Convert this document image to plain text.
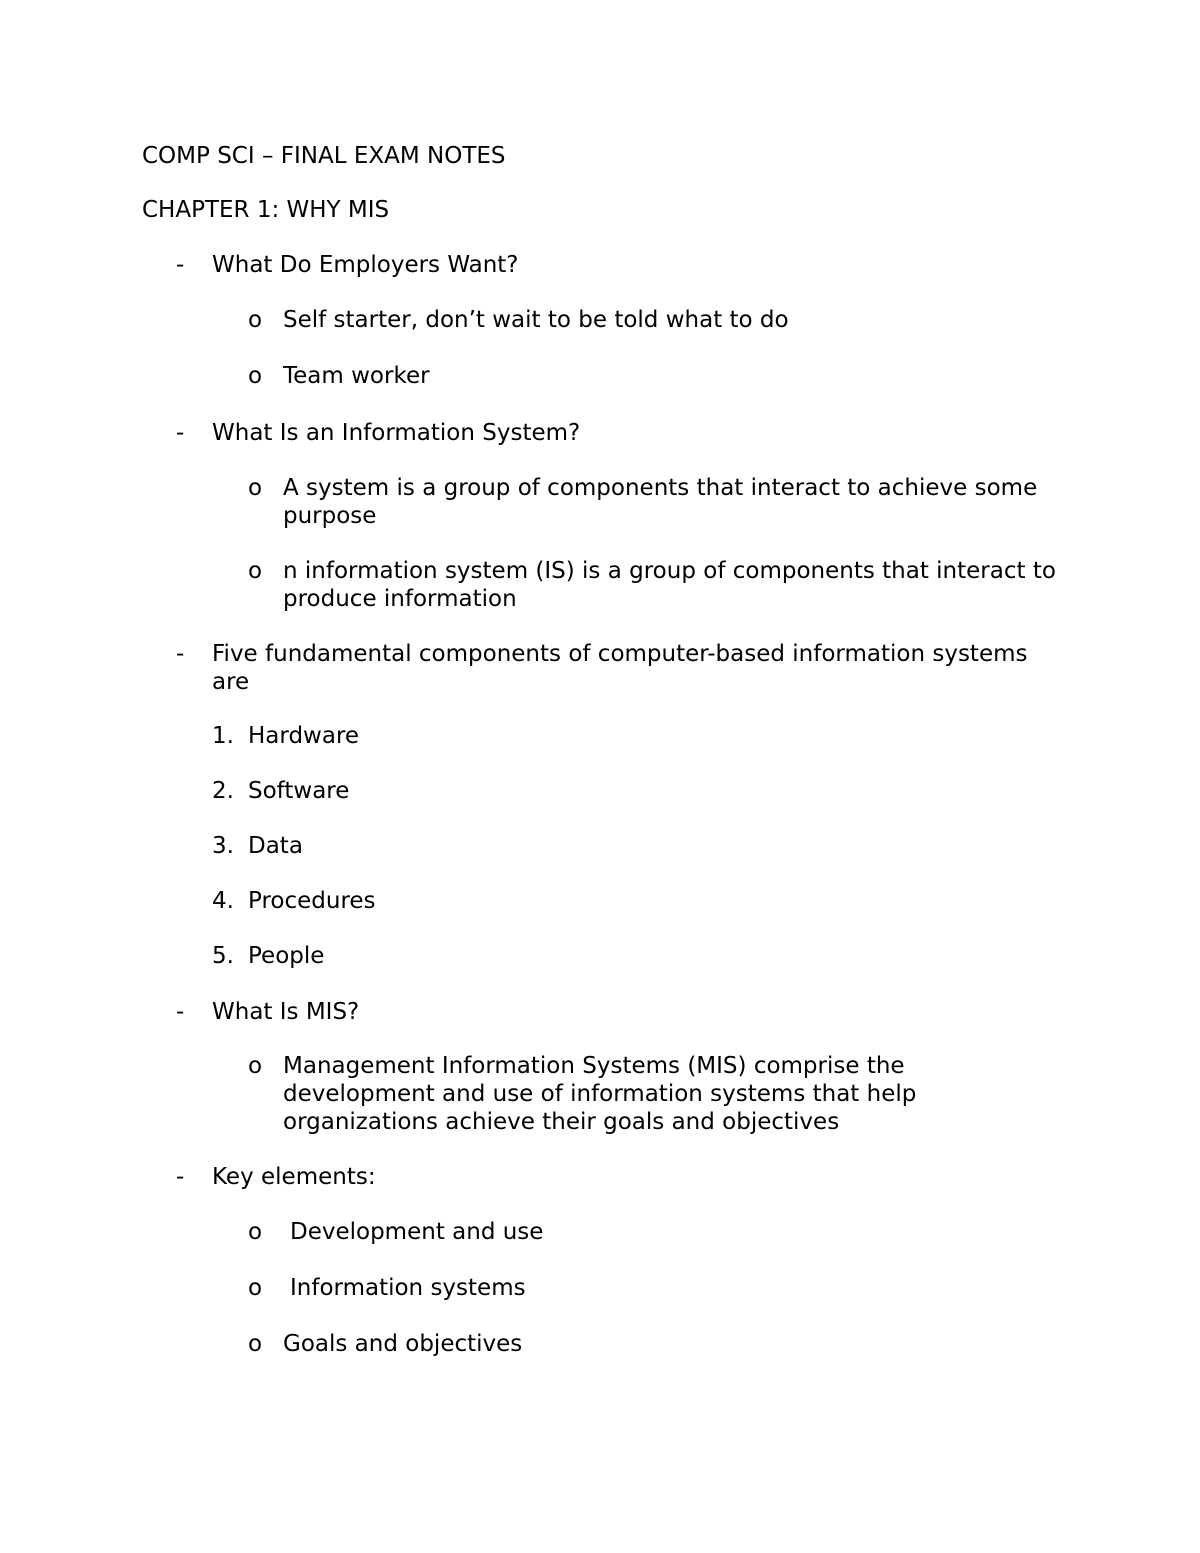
COMP SCI – FINAL EXAM NOTES
CHAPTER 1: WHY MIS
- What Do Employers Want?
o Self starter, don’t wait to be told what to do
o Team worker
- What Is an Information System?
o A system is a group of components that interact to achieve some purpose
o n information system (IS) is a group of components that interact to produce information
- Five fundamental components of computer-based information systems are
1. Hardware
2. Software
3. Data
4. Procedures
5. People
- What Is MIS?
o Management Information Systems (MIS) comprise the development and use of information systems that help organizations achieve their goals and objectives
- Key elements:
o Development and use
o Information systems
o Goals and objectives
